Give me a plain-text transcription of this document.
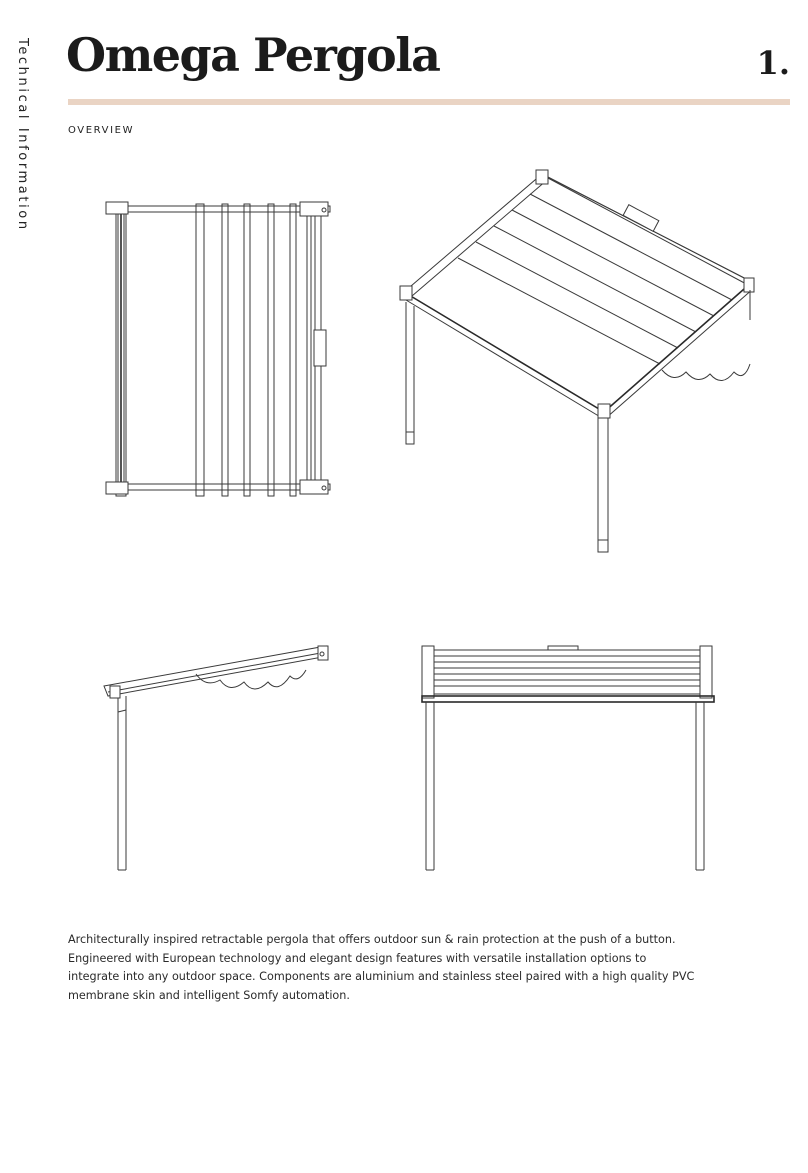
Technical Information Omega Pergola	1.
OVERVIEW

Architecturally inspired retractable pergola that offers outdoor sun & rain protection at the push of a button. Engineered with European technology and elegant design features with versatile installation options to integrate into any outdoor space. Components are aluminium and stainless steel paired with a high quality PVC membrane skin and intelligent Somfy automation.
